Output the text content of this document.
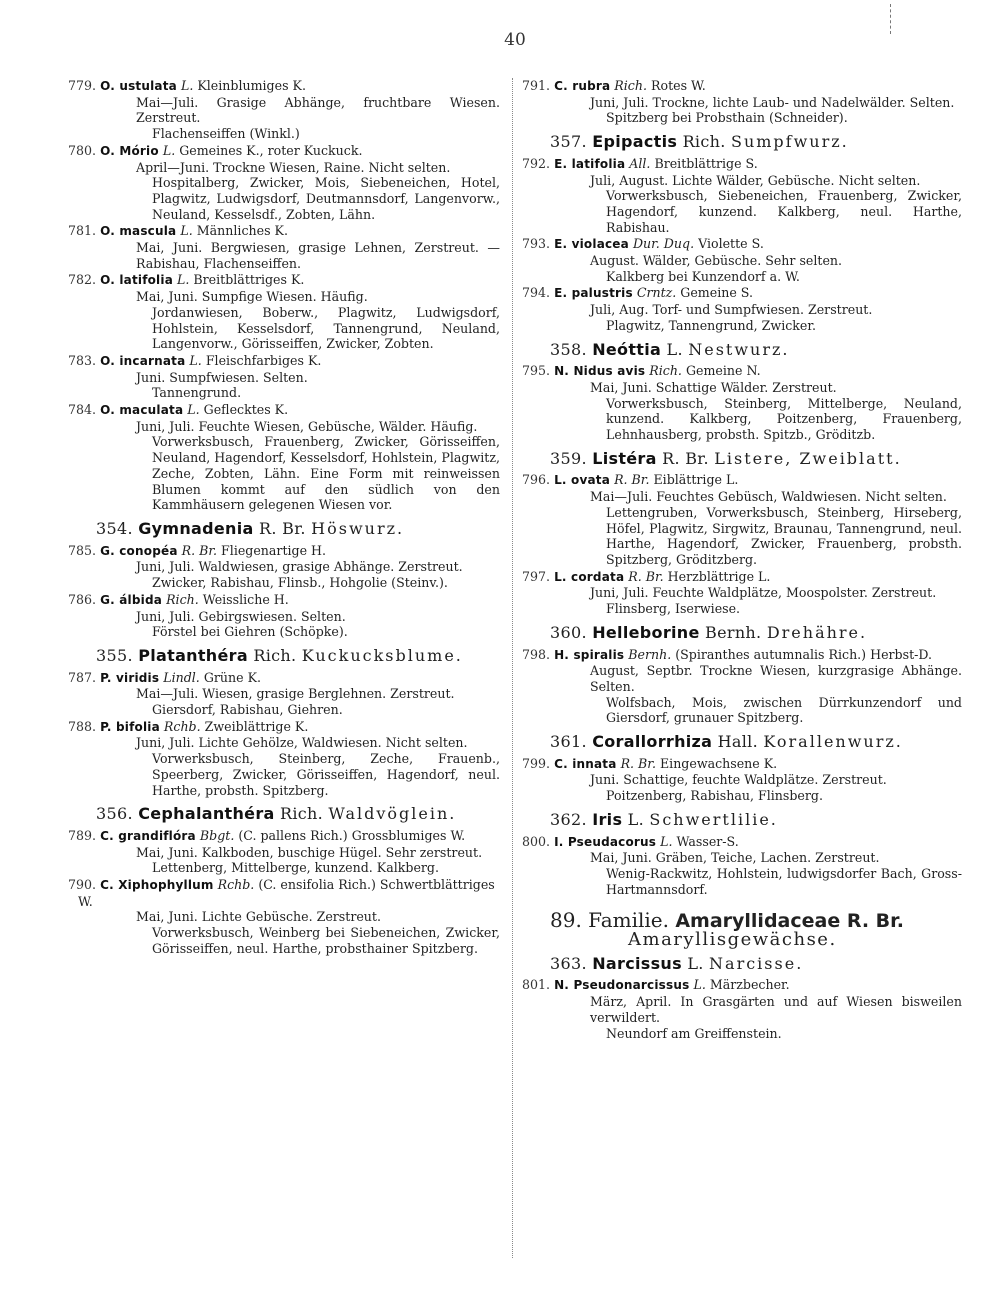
40

779. O. ustulata L. Kleinblumiges K.

Mai—Juli. Grasige Abhänge, fruchtbare Wiesen. Zerstreut.

Flachenseiffen (Winkl.)

780. O. Mório L. Gemeines K., roter Kuckuck.

April—Juni. Trockne Wiesen, Raine. Nicht selten.

Hospitalberg, Zwicker, Mois, Siebeneichen, Hotel, Plagwitz, Ludwigsdorf, Deutmannsdorf, Langenvorw., Neuland, Kesselsdf., Zobten, Lähn.

781. O. mascula L. Männliches K.

Mai, Juni. Bergwiesen, grasige Lehnen, Zerstreut. — Rabishau, Flachenseiffen.

782. O. latifolia L. Breitblättriges K.

Mai, Juni. Sumpfige Wiesen. Häufig.

Jordanwiesen, Boberw., Plagwitz, Ludwigsdorf, Hohlstein, Kesselsdorf, Tannengrund, Neuland, Langenvorw., Görisseiffen, Zwicker, Zobten.

783. O. incarnata L. Fleischfarbiges K.

Juni. Sumpfwiesen. Selten.

Tannengrund.

784. O. maculata L. Geflecktes K.

Juni, Juli. Feuchte Wiesen, Gebüsche, Wälder. Häufig.

Vorwerksbusch, Frauenberg, Zwicker, Görisseiffen, Neuland, Hagendorf, Kesselsdorf, Hohlstein, Plagwitz, Zeche, Zobten, Lähn. Eine Form mit reinweissen Blumen kommt auf den südlich von den Kammhäusern gelegenen Wiesen vor.

354. Gymnadenia R. Br. Höswurz.

785. G. conopéa R. Br. Fliegenartige H.

Juni, Juli. Waldwiesen, grasige Abhänge. Zerstreut.

Zwicker, Rabishau, Flinsb., Hohgolie (Steinv.).

786. G. álbida Rich. Weissliche H.

Juni, Juli. Gebirgswiesen. Selten.

Förstel bei Giehren (Schöpke).

355. Platanthéra Rich. Kuckucksblume.

787. P. viridis Lindl. Grüne K.

Mai—Juli. Wiesen, grasige Berglehnen. Zerstreut.

Giersdorf, Rabishau, Giehren.

788. P. bifolia Rchb. Zweiblättrige K.

Juni, Juli. Lichte Gehölze, Waldwiesen. Nicht selten.

Vorwerksbusch, Steinberg, Zeche, Frauenb., Speerberg, Zwicker, Görisseiffen, Hagendorf, neul. Harthe, probsth. Spitzberg.

356. Cephalanthéra Rich. Waldvöglein.

789. C. grandiflóra Bbgt. (C. pallens Rich.) Grossblumiges W.

Mai, Juni. Kalkboden, buschige Hügel. Sehr zerstreut.

Lettenberg, Mittelberge, kunzend. Kalkberg.

790. C. Xiphophyllum Rchb. (C. ensifolia Rich.) Schwertblättriges W.

Mai, Juni. Lichte Gebüsche. Zerstreut.

Vorwerksbusch, Weinberg bei Siebeneichen, Zwicker, Görisseiffen, neul. Harthe, probsthainer Spitzberg.

791. C. rubra Rich. Rotes W.

Juni, Juli. Trockne, lichte Laub- und Nadelwälder. Selten.

Spitzberg bei Probsthain (Schneider).

357. Epipactis Rich. Sumpfwurz.

792. E. latifolia All. Breitblättrige S.

Juli, August. Lichte Wälder, Gebüsche. Nicht selten.

Vorwerksbusch, Siebeneichen, Frauenberg, Zwicker, Hagendorf, kunzend. Kalkberg, neul. Harthe, Rabishau.

793. E. violacea Dur. Duq. Violette S.

August. Wälder, Gebüsche. Sehr selten.

Kalkberg bei Kunzendorf a. W.

794. E. palustris Crntz. Gemeine S.

Juli, Aug. Torf- und Sumpfwiesen. Zerstreut.

Plagwitz, Tannengrund, Zwicker.

358. Neóttia L. Nestwurz.

795. N. Nidus avis Rich. Gemeine N.

Mai, Juni. Schattige Wälder. Zerstreut.

Vorwerksbusch, Steinberg, Mittelberge, Neuland, kunzend. Kalkberg, Poitzenberg, Frauenberg, Lehnhausberg, probsth. Spitzb., Gröditzb.

359. Listéra R. Br. Listere, Zweiblatt.

796. L. ovata R. Br. Eiblättrige L.

Mai—Juli. Feuchtes Gebüsch, Waldwiesen. Nicht selten.

Lettengruben, Vorwerksbusch, Steinberg, Hirseberg, Höfel, Plagwitz, Sirgwitz, Braunau, Tannengrund, neul. Harthe, Hagendorf, Zwicker, Frauenberg, probsth. Spitzberg, Gröditzberg.

797. L. cordata R. Br. Herzblättrige L.

Juni, Juli. Feuchte Waldplätze, Moospolster. Zerstreut.

Flinsberg, Iserwiese.

360. Helleborine Bernh. Drehähre.

798. H. spiralis Bernh. (Spiranthes autumnalis Rich.) Herbst-D.

August, Septbr. Trockne Wiesen, kurzgrasige Abhänge. Selten.

Wolfsbach, Mois, zwischen Dürrkunzendorf und Giersdorf, grunauer Spitzberg.

361. Corallorrhiza Hall. Korallenwurz.

799. C. innata R. Br. Eingewachsene K.

Juni. Schattige, feuchte Waldplätze. Zerstreut.

Poitzenberg, Rabishau, Flinsberg.

362. Iris L. Schwertlilie.

800. I. Pseudacorus L. Wasser-S.

Mai, Juni. Gräben, Teiche, Lachen. Zerstreut.

Wenig-Rackwitz, Hohlstein, ludwigsdorfer Bach, Gross-Hartmannsdorf.

89. Familie. Amaryllidaceae R. Br.
Amaryllisgewächse.
363. Narcissus L. Narcisse.

801. N. Pseudonarcissus L. Märzbecher.

März, April. In Grasgärten und auf Wiesen bisweilen verwildert.

Neundorf am Greiffenstein.
